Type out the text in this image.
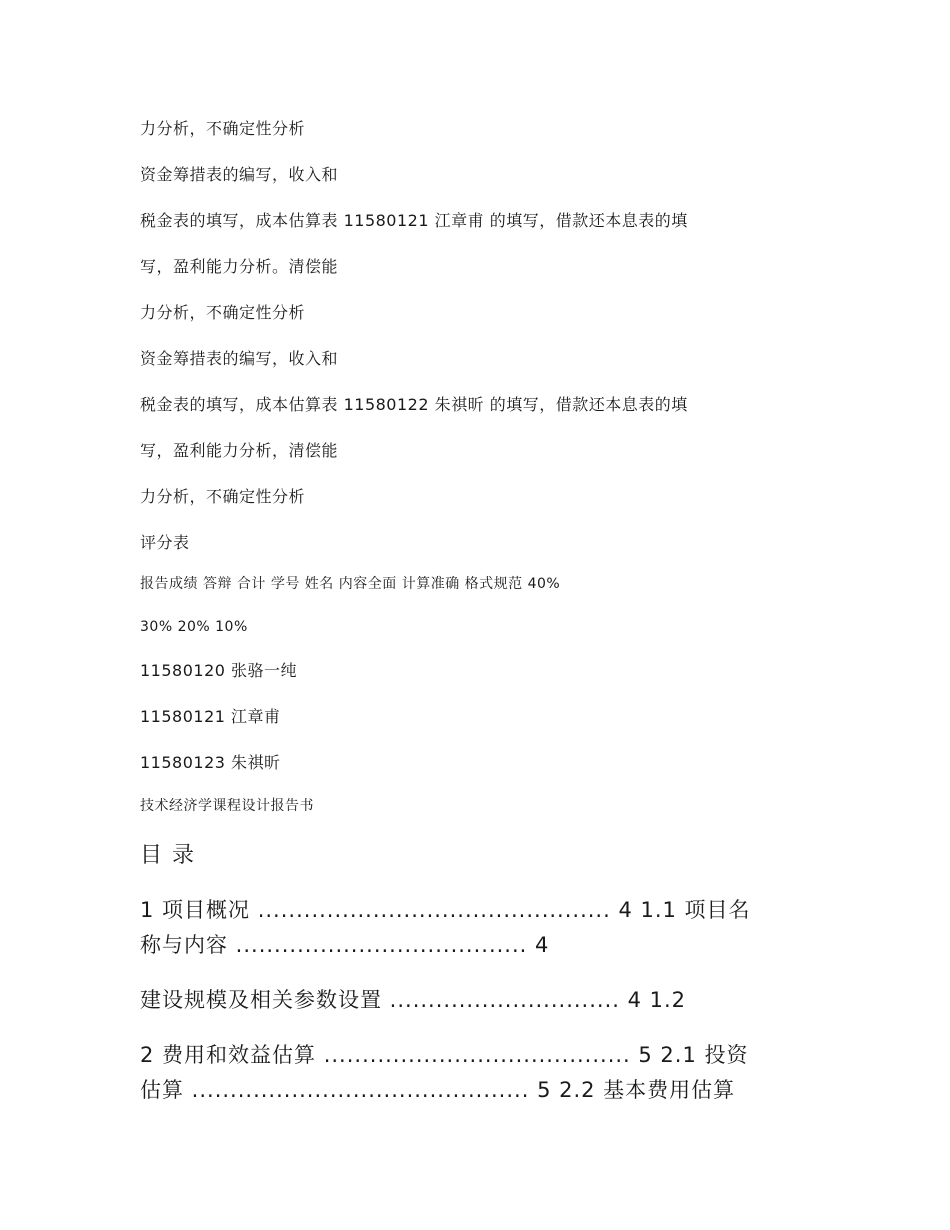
力分析，不确定性分析
资金筹措表的编写，收入和
税金表的填写，成本估算表 11580121 江章甫 的填写，借款还本息表的填
写，盈利能力分析。清偿能
力分析，不确定性分析
资金筹措表的编写，收入和
税金表的填写，成本估算表 11580122 朱祺昕 的填写，借款还本息表的填
写，盈利能力分析，清偿能
力分析，不确定性分析
评分表
报告成绩 答辩 合计 学号 姓名 内容全面 计算准确 格式规范 40%
30% 20% 10%
11580120 张骆一纯
11580121 江章甫
11580123 朱祺昕
技术经济学课程设计报告书
目 录
1 项目概况 .............................................. 4 1.1 项目名
称与内容 ...................................... 4
建设规模及相关参数设置 .............................. 4 1.2
2 费用和效益估算 ........................................ 5 2.1 投资
估算 ............................................ 5 2.2 基本费用估算
